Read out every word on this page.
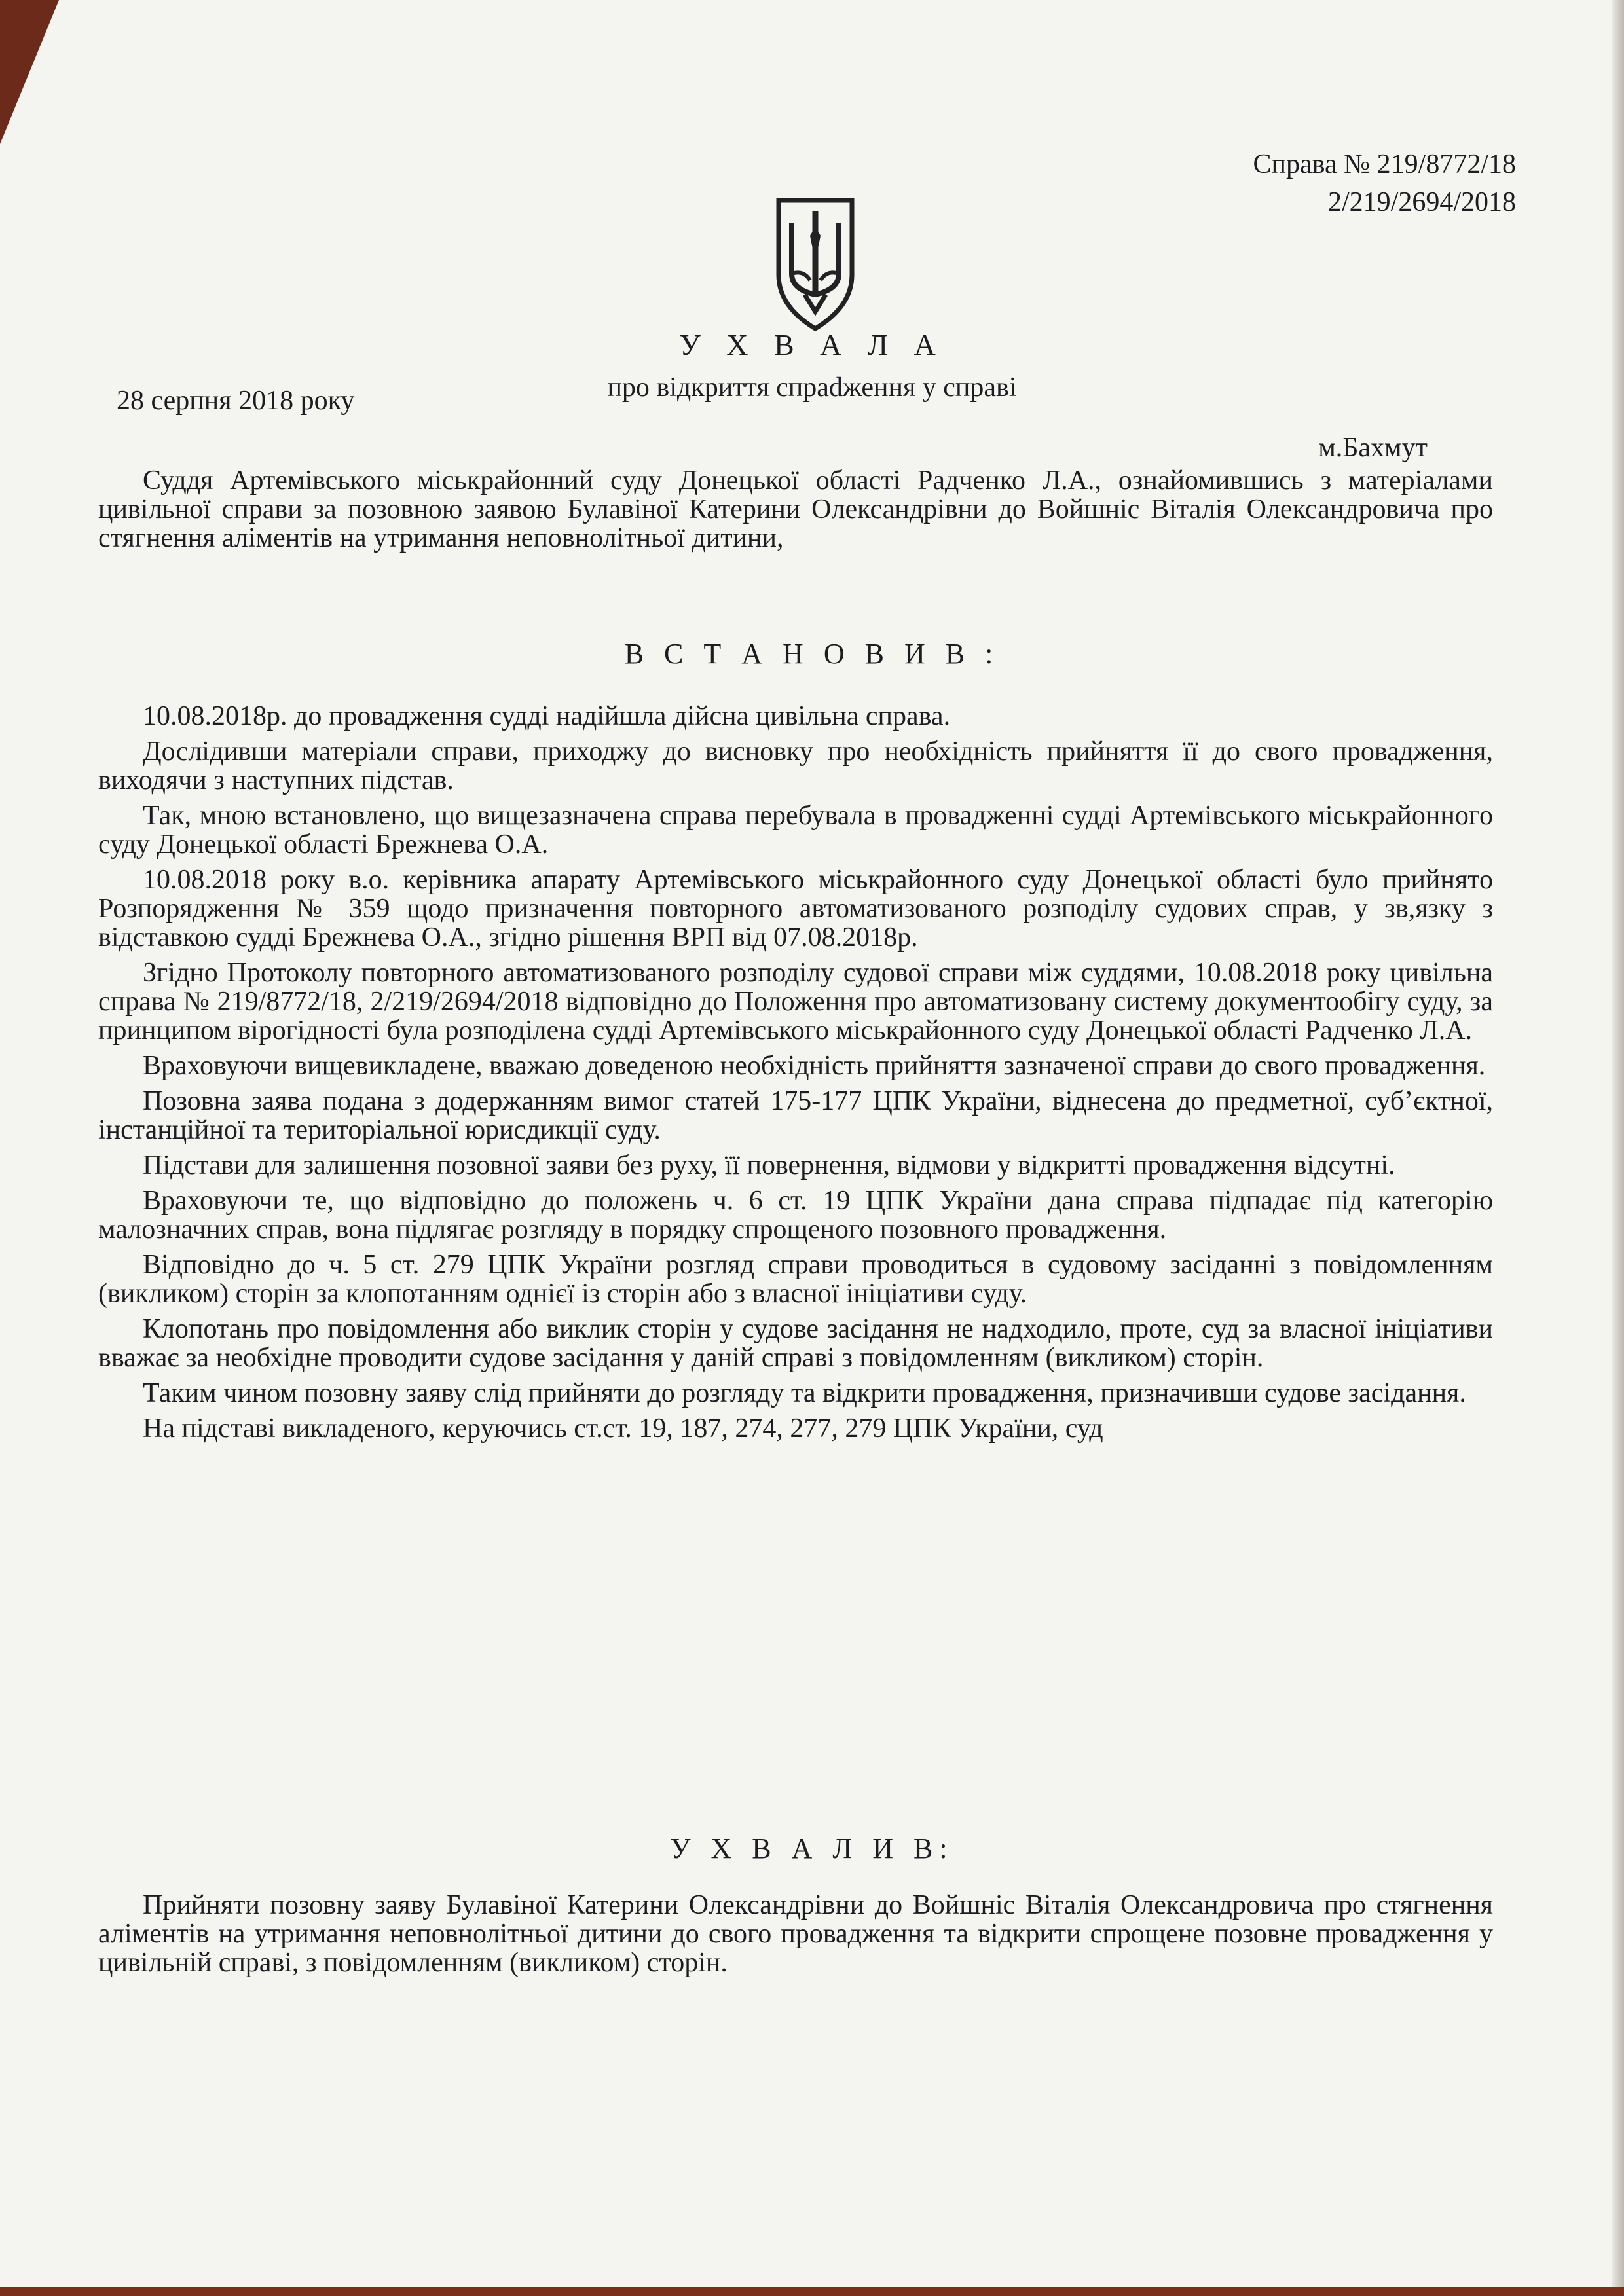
Справа № 219/8772/18
2/219/2694/2018
У Х В А Л А
про відкриття спраdження у справі
28 серпня 2018 року
м.Бахмут

Суддя Артемівського міськрайонний суду Донецької області Радченко Л.А., ознайомившись з матеріалами цивільної справи за позовною заявою Булавіної Катерини Олександрівни до Войшніс Віталія Олександровича про стягнення аліментів на утримання неповнолітньої дитини,

В С Т А Н О В И В :

10.08.2018р. до провадження судді надійшла дійсна цивільна справа.

Дослідивши матеріали справи, приходжу до висновку про необхідність прийняття її до свого провадження, виходячи з наступних підстав.

Так, мною встановлено, що вищезазначена справа перебувала в провадженні судді Артемівського міськрайонного суду Донецької області Брежнева О.А.

10.08.2018 року в.о. керівника апарату Артемівського міськрайонного суду Донецької області було прийнято Розпорядження № 359 щодо призначення повторного автоматизованого розподілу судових справ, у зв,язку з відставкою судді Брежнева О.А., згідно рішення ВРП від 07.08.2018р.

Згідно Протоколу повторного автоматизованого розподілу судової справи між суддями, 10.08.2018 року цивільна справа № 219/8772/18, 2/219/2694/2018 відповідно до Положення про автоматизовану систему документообігу суду, за принципом вірогідності була розподілена судді Артемівського міськрайонного суду Донецької області Радченко Л.А.

Враховуючи вищевикладене, вважаю доведеною необхідність прийняття зазначеної справи до свого провадження.

Позовна заява подана з додержанням вимог статей 175-177 ЦПК України, віднесена до предметної, суб’єктної, інстанційної та територіальної юрисдикції суду.

Підстави для залишення позовної заяви без руху, її повернення, відмови у відкритті провадження відсутні.

Враховуючи те, що відповідно до положень ч. 6 ст. 19 ЦПК України дана справа підпадає під категорію малозначних справ, вона підлягає розгляду в порядку спрощеного позовного провадження.

Відповідно до ч. 5 ст. 279 ЦПК України розгляд справи проводиться в судовому засіданні з повідомленням (викликом) сторін за клопотанням однієї із сторін або з власної ініціативи суду.

Клопотань про повідомлення або виклик сторін у судове засідання не надходило, проте, суд за власної ініціативи вважає за необхідне проводити судове засідання у даній справі з повідомленням (викликом) сторін.

Таким чином позовну заяву слід прийняти до розгляду та відкрити провадження, призначивши судове засідання.

На підставі викладеного, керуючись ст.ст. 19, 187, 274, 277, 279 ЦПК України, суд

У Х В А Л И В:

Прийняти позовну заяву Булавіної Катерини Олександрівни до Войшніс Віталія Олександровича про стягнення аліментів на утримання неповнолітньої дитини до свого провадження та відкрити спрощене позовне провадження у цивільній справі, з повідомленням (викликом) сторін.
